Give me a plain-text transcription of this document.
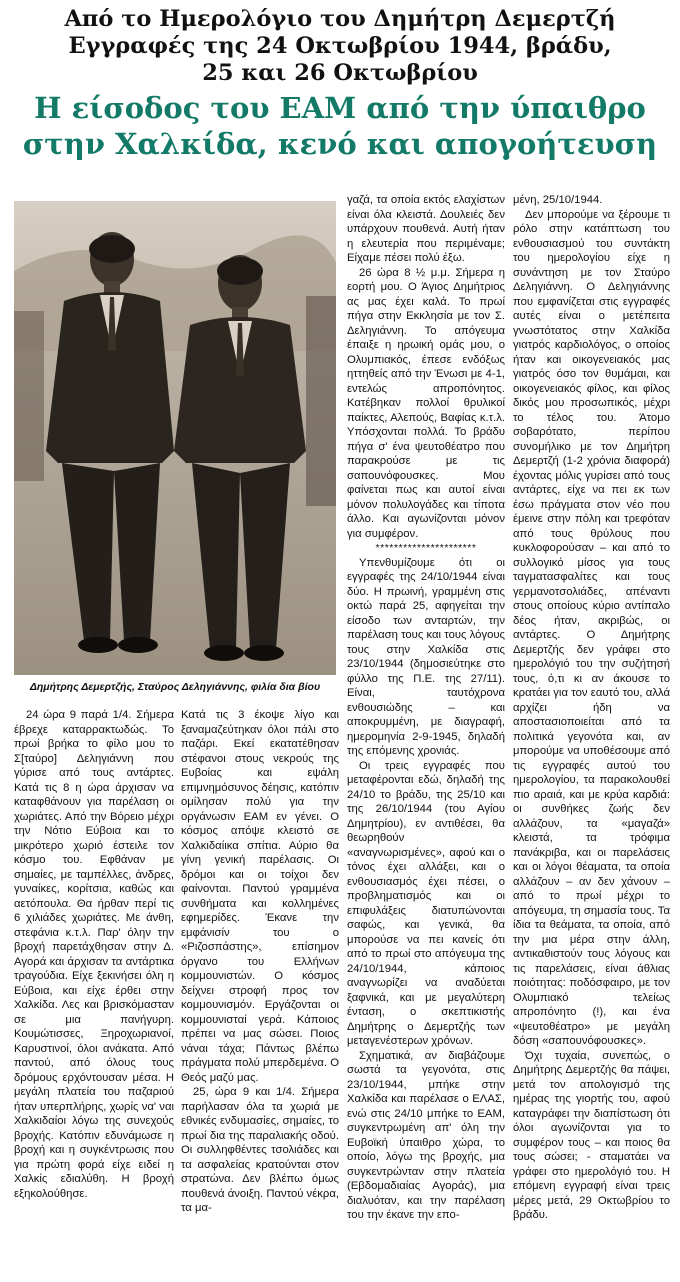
Από το Ημερολόγιο του Δημήτρη Δεμερτζή
Εγγραφές της 24 Οκτωβρίου 1944, βράδυ,
25 και 26 Οκτωβρίου
Η είσοδος του ΕΑΜ από την ύπαιθρο
στην Χαλκίδα, κενό και απογοήτευση
Δημήτρης Δεμερτζής, Σταύρος Δεληγιάννης, φιλία δια βίου

24 ώρα 9 παρά 1/4. Σήμερα έβρεχε καταρρακτωδώς. Το πρωί βρήκα το φίλο μου το Σ[ταύρο] Δεληγιάννη που γύρισε από τους αντάρτες. Κατά τις 8 η ώρα άρχισαν να καταφθάνουν για παρέλαση οι χωριάτες. Από την Βόρειο μέχρι την Νότιο Εύβοια και το μικρότερο χωριό έστειλε τον κόσμο του. Εφθάναν με σημαίες, με ταμπέλλες, άνδρες, γυναίκες, κορίτσια, καθώς και αετόπουλα. Θα ήρθαν περί τις 6 χιλιάδες χωριάτες. Με άνθη, στεφάνια κ.τ.λ. Παρ' όλην την βροχή παρετάχθησαν στην Δ. Αγορά και άρχισαν τα αντάρτικα τραγούδια. Είχε ξεκινήσει όλη η Εύβοια, και είχε έρθει στην Χαλκίδα. Λες και βρισκόμασταν σε μια πανήγυρη. Κουμώτισσες, Ξηροχωριανοί, Καρυστινοί, όλοι ανάκατα. Από παντού, από όλους τους δρόμους ερχόντουσαν μέσα. Η μεγάλη πλατεία του παζαριού ήταν υπερπλήρης, χωρίς να' ναι Χαλκιδαίοι λόγω της συνεχούς βροχής. Κατόπιν εδυνάμωσε η βροχή και η συγκέντρωσις που για πρώτη φορά είχε ειδεί η Χαλκίς εδιαλύθη. Η βροχή εξηκολούθησε.

Κατά τις 3 έκοψε λίγο και ξαναμαζεύτηκαν όλοι πάλι στο παζάρι. Εκεί εκατατέθησαν στέφανοι στους νεκρούς της Ευβοίας και εψάλη επιμνημόσυνος δέησις, κατόπιν ομίλησαν πολύ για την οργάνωσιν ΕΑΜ εν γένει. Ο κόσμος απόψε κλειστό σε Χαλκιδαίικα σπίτια. Αύριο θα γίνη γενική παρέλασις. Οι δρόμοι και οι τοίχοι δεν φαίνονται. Παντού γραμμένα συνθήματα και κολλημένες εφημερίδες. Έκανε την εμφάνισίν του ο «Ριζοσπάστης», επίσημον όργανο του Ελλήνων κομμουνιστών. Ο κόσμος δείχνει στροφή προς τον κομμουνισμόν. Εργάζονται οι κομμουνισταί γερά. Κάποιος πρέπει να μας σώσει. Ποιος νάναι τάχα; Πάντως βλέπω πράγματα πολύ μπερδεμένα. Ο Θεός μαζύ μας.

25, ώρα 9 και 1/4. Σήμερα παρήλασαν όλα τα χωριά με εθνικές ενδυμασίες, σημαίες, το πρωί δια της παραλιακής οδού. Οι συλληφθέντες τσολιάδες και τα ασφαλείας κρατούνται στον στρατώνα. Δεν βλέπω όμως πουθενά άνοιξη. Παντού νέκρα, τα μα-

γαζά, τα οποία εκτός ελαχίστων είναι όλα κλειστά. Δουλειές δεν υπάρχουν πουθενά. Αυτή ήταν η ελευτερία που περιμέναμε; Είχαμε πέσει πολύ έξω.

26 ώρα 8 ½ μ.μ. Σήμερα η εορτή μου. Ο Άγιος Δημήτριος ας μας έχει καλά. Το πρωί πήγα στην Εκκλησία με τον Σ. Δεληγιάννη. Το απόγευμα έπαιξε η ηρωική ομάς μου, ο Ολυμπιακός, έπεσε ενδόξως ηττηθείς από την Ένωσι με 4-1, εντελώς απροπόνητος. Κατέβηκαν πολλοί θρυλικοί παίκτες, Αλεπούς, Βαφίας κ.τ.λ. Υπόσχονται πολλά. Το βράδυ πήγα σ' ένα ψευτοθέατρο που παρακρούσε με τις σαπουνόφουσκες. Μου φαίνεται πως και αυτοί είναι μόνον πολυλογάδες και τίποτα άλλο. Και αγωνίζονται μόνον για συμφέρον.

**********************

Υπενθυμίζουμε ότι οι εγγραφές της 24/10/1944 είναι δύο. Η πρωινή, γραμμένη στις οκτώ παρά 25, αφηγείται την είσοδο των ανταρτών, την παρέλαση τους και τους λόγους τους στην Χαλκίδα στις 23/10/1944 (δημοσιεύτηκε στο φύλλο της Π.Ε. της 27/11). Είναι, ταυτόχρονα ενθουσιώδης – και αποκρυμμένη, με διαγραφή, ημερομηνία 2-9-1945, δηλαδή της επόμενης χρονιάς.

Οι τρεις εγγραφές που μεταφέρονται εδώ, δηλαδή της 24/10 το βράδυ, της 25/10 και της 26/10/1944 (του Αγίου Δημητρίου), εν αντιθέσει, θα θεωρηθούν «αναγνωρισμένες», αφού και ο τόνος έχει αλλάξει, και ο ενθουσιασμός έχει πέσει, ο προβληματισμός και οι επιφυλάξεις διατυπώνονται σαφώς, και γενικά, θα μπορούσε να πει κανείς ότι από το πρωί στο απόγευμα της 24/10/1944, κάποιος αναγνωρίζει να αναδύεται ξαφνικά, και με μεγαλύτερη ένταση, ο σκεπτικιστής Δημήτρης ο Δεμερτζής των μεταγενέστερων χρόνων.

Σχηματικά, αν διαβάζουμε σωστά τα γεγονότα, στις 23/10/1944, μπήκε στην Χαλκίδα και παρέλασε ο ΕΛΑΣ, ενώ στις 24/10 μπήκε το ΕΑΜ, συγκεντρωμένη απ' όλη την Ευβοϊκή ύπαιθρο χώρα, το οποίο, λόγω της βροχής, μια συγκεντρώνταν στην πλατεία (Εβδομαδιαίας Αγοράς), μια διαλυόταν, και την παρέλαση του την έκανε την επο-

μένη, 25/10/1944.

Δεν μπορούμε να ξέρουμε τι ρόλο στην κατάπτωση του ενθουσιασμού του συντάκτη του ημερολογίου είχε η συνάντηση με τον Σταύρο Δεληγιάννη. Ο Δεληγιάννης που εμφανίζεται στις εγγραφές αυτές είναι ο μετέπειτα γνωστότατος στην Χαλκίδα γιατρός καρδιολόγος, ο οποίος ήταν και οικογενειακός μας γιατρός όσο τον θυμάμαι, και οικογενειακός φίλος, και φίλος δικός μου προσωπικός, μέχρι το τέλος του. Άτομο σοβαρότατο, περίπου συνομήλικο με τον Δημήτρη Δεμερτζή (1-2 χρόνια διαφορά) έχοντας μόλις γυρίσει από τους αντάρτες, είχε να πει εκ των έσω πράγματα στον νέο που έμεινε στην πόλη και τρεφόταν από τους θρύλους που κυκλοφορούσαν – και από το συλλογικό μίσος για τους ταγματασφαλίτες και τους γερμανοτσολιάδες, απέναντι στους οποίους κύριο αντίπαλο δέος ήταν, ακριβώς, οι αντάρτες. Ο Δημήτρης Δεμερτζής δεν γράφει στο ημερολόγιό του την συζήτησή τους, ό,τι κι αν άκουσε το κρατάει για τον εαυτό του, αλλά αρχίζει ήδη να αποστασιοποιείται από τα πολιτικά γεγονότα και, αν μπορούμε να υποθέσουμε από τις εγγραφές αυτού του ημερολογίου, τα παρακολουθεί πιο αραιά, και με κρύα καρδιά: οι συνθήκες ζωής δεν αλλάζουν, τα «μαγαζά» κλειστά, τα τρόφιμα πανάκριβα, και οι παρελάσεις και οι λόγοι θέαματα, τα οποία αλλάζουν – αν δεν χάνουν – από το πρωί μέχρι το απόγευμα, τη σημασία τους. Τα ίδια τα θεάματα, τα οποία, από την μια μέρα στην άλλη, αντικαθιστούν τους λόγους και τις παρελάσεις, είναι άθλιας ποιότητας: ποδόσφαιρο, με τον Ολυμπιακό τελείως απροπόνητο (!), και ένα «ψευτοθέατρο» με μεγάλη δόση «σαπουνόφουσκες».

Όχι τυχαία, συνεπώς, ο Δημήτρης Δεμερτζής θα πάψει, μετά τον απολογισμό της ημέρας της γιορτής του, αφού καταγράφει την διαπίστωση ότι όλοι αγωνίζονται για το συμφέρον τους – και ποιος θα τους σώσει; - σταματάει να γράφει στο ημερολόγιό του. Η επόμενη εγγραφή είναι τρεις μέρες μετά, 29 Οκτωβρίου το βράδυ.
